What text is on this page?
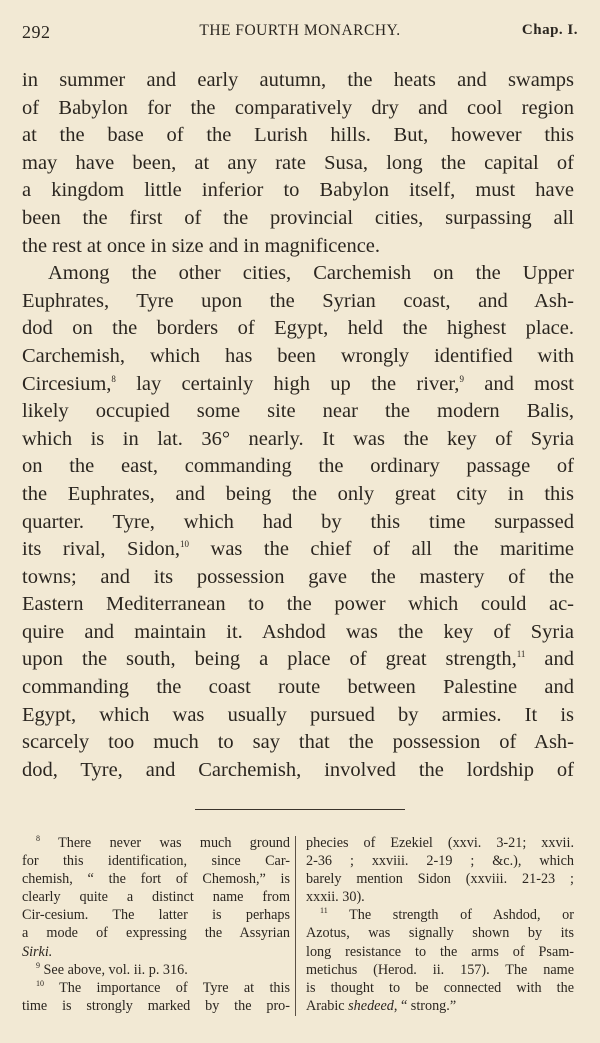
292	THE FOURTH MONARCHY.	Chap. I.
in summer and early autumn, the heats and swamps
of Babylon for the comparatively dry and cool region
at the base of the Lurish hills. But, however this
may have been, at any rate Susa, long the capital of
a kingdom little inferior to Babylon itself, must have
been the first of the provincial cities, surpassing all
the rest at once in size and in magnificence.
Among the other cities, Carchemish on the Upper
Euphrates, Tyre upon the Syrian coast, and Ash-
dod on the borders of Egypt, held the highest place.
Carchemish, which has been wrongly identified with
Circesium,$^8$ lay certainly high up the river,$^9$ and most
likely occupied some site near the modern Balis,
which is in lat. 36° nearly. It was the key of Syria
on the east, commanding the ordinary passage of
the Euphrates, and being the only great city in this
quarter. Tyre, which had by this time surpassed
its rival, Sidon,$^{10}$ was the chief of all the maritime
towns; and its possession gave the mastery of the
Eastern Mediterranean to the power which could ac-
quire and maintain it. Ashdod was the key of Syria
upon the south, being a place of great strength,$^{11}$ and
commanding the coast route between Palestine and
Egypt, which was usually pursued by armies. It is
scarcely too much to say that the possession of Ash-
dod, Tyre, and Carchemish, involved the lordship of
$^8$ There never was much ground
for this identification, since Car-
chemish, “ the fort of Chemosh,” is
clearly quite a distinct name from
Cir-cesium. The latter is perhaps
a mode of expressing the Assyrian
Sirki.
$^9$ See above, vol. ii. p. 316.
$^{10}$ The importance of Tyre at this
time is strongly marked by the pro-
phecies of Ezekiel (xxvi. 3-21; xxvii.
2-36 ; xxviii. 2-19 ; &c.), which
barely mention Sidon (xxviii. 21-23 ;
xxxii. 30).
$^{11}$ The strength of Ashdod, or
Azotus, was signally shown by its
long resistance to the arms of Psam-
metichus (Herod. ii. 157). The name
is thought to be connected with the
Arabic shedeed, “ strong.”
